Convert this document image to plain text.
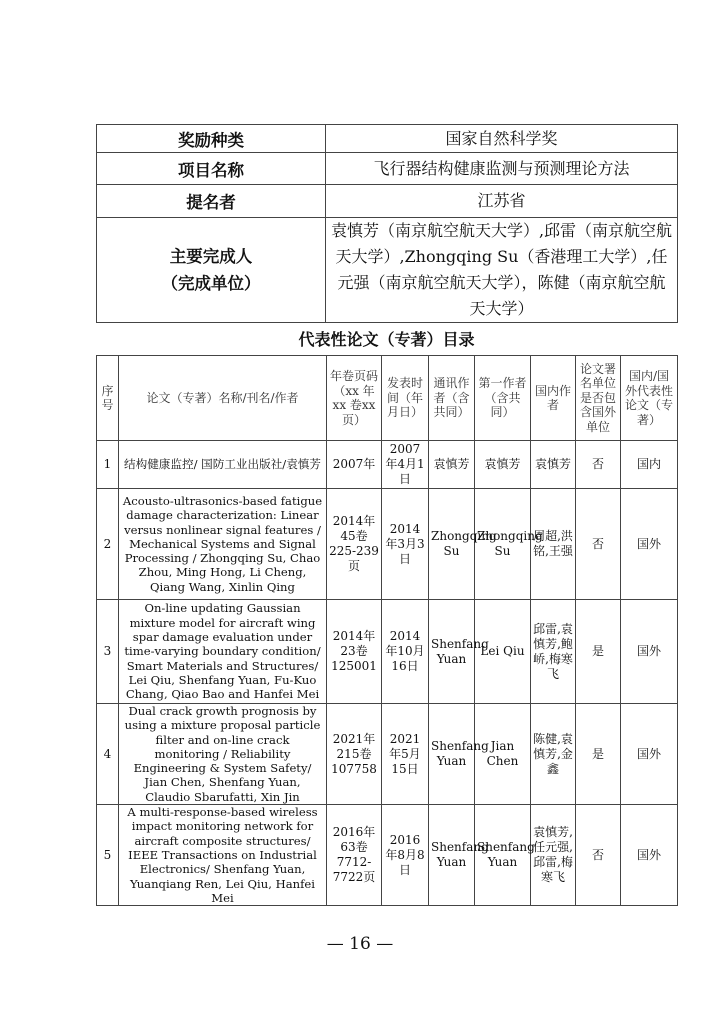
奖励种类	国家自然科学奖
项目名称	飞行器结构健康监测与预测理论方法
提名者	江苏省

主要完成人
（完成单位）	袁慎芳（南京航空航天大学）,邱雷（南京航空航天大学）,Zhongqing Su（香港理工大学）,任元强（南京航空航天大学），陈健（南京航空航天大学）
代表性论文（专著）目录
序号	论文（专著）名称/刊名/作者	年卷页码（xx 年 xx 卷xx页）	发表时间（年月日）	通讯作者（含共同）	第一作者（含共同）	国内作者	论文署名单位是否包含国外单位	国内/国外代表性论文（专著）
1	结构健康监控/ 国防工业出版社/袁慎芳	2007年	2007年4月1日	袁慎芳	袁慎芳	袁慎芳	否	国内
2	Acousto-ultrasonics-based fatigue damage characterization: Linear versus nonlinear signal features / Mechanical Systems and Signal Processing / Zhongqing Su, Chao Zhou, Ming Hong, Li Cheng, Qiang Wang, Xinlin Qing	2014年45卷225-239页	2014年3月3日	Zhongqing Su	Zhongqing Su	周超,洪铭,王强	否	国外
3	On-line updating Gaussian mixture model for aircraft wing spar damage evaluation under time-varying boundary condition/ Smart Materials and Structures/ Lei Qiu, Shenfang Yuan, Fu-Kuo Chang, Qiao Bao and Hanfei Mei	2014年23卷125001	2014年10月16日	Shenfang Yuan	Lei Qiu	邱雷,袁慎芳,鲍峤,梅寒飞	是	国外
4	Dual crack growth prognosis by using a mixture proposal particle filter and on-line crack monitoring / Reliability Engineering & System Safety/ Jian Chen, Shenfang Yuan, Claudio Sbarufatti, Xin Jin	2021年215卷107758	2021年5月15日	Shenfang Yuan	Jian Chen	陈健,袁慎芳,金鑫	是	国外
5	A multi-response-based wireless impact monitoring network for aircraft composite structures/ IEEE Transactions on Industrial Electronics/ Shenfang Yuan, Yuanqiang Ren, Lei Qiu, Hanfei Mei	2016年63卷7712-7722页	2016年8月8日	Shenfang Yuan	Shenfang Yuan	袁慎芳,任元强,邱雷,梅寒飞	否	国外
— 16 —
